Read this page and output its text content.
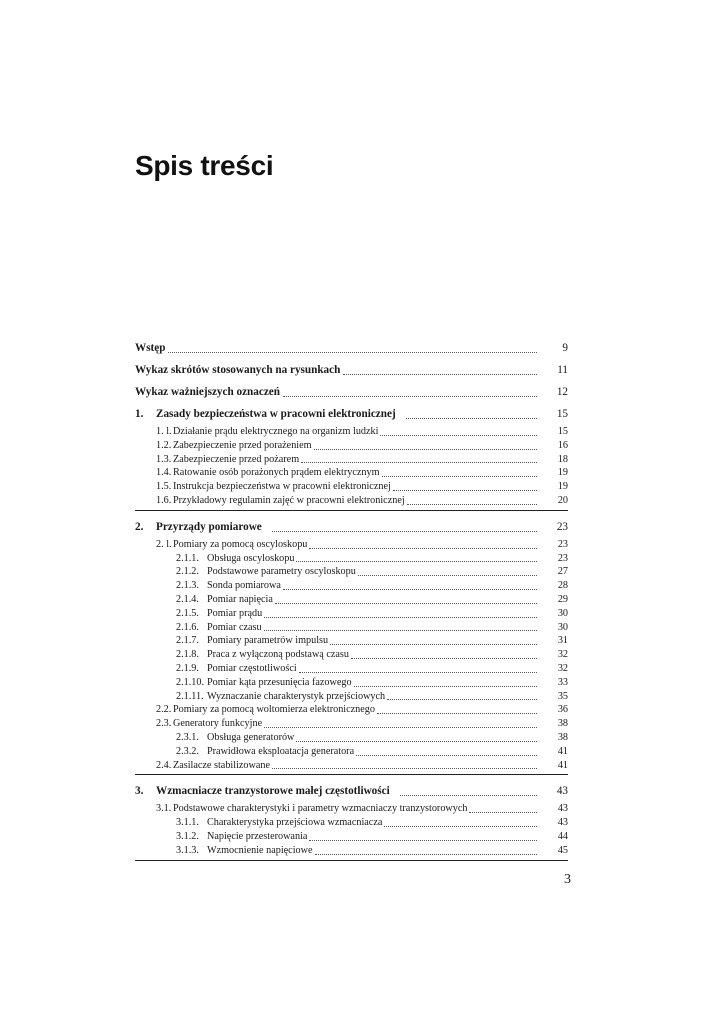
Spis treści
Wstęp	9
Wykaz skrótów stosowanych na rysunkach	11
Wykaz ważniejszych oznaczeń	12
1.	Zasady bezpieczeństwa w pracowni elektronicznej	15
1. l. Działanie prądu elektrycznego na organizm ludzki	15
1.2. Zabezpieczenie przed porażeniem	16
1.3. Zabezpieczenie przed pożarem	18
1.4. Ratowanie osób porażonych prądem elektrycznym	19
1.5. Instrukcja bezpieczeństwa w pracowni elektronicznej	19
1.6. Przykładowy regulamin zajęć w pracowni elektronicznej	20
2.	Przyrządy pomiarowe	23
2. l. Pomiary za pomocą oscyloskopu	23
2.1.1. Obsługa oscyloskopu	23
2.1.2. Podstawowe parametry oscyloskopu	27
2.1.3. Sonda pomiarowa	28
2.1.4. Pomiar napięcia	29
2.1.5. Pomiar prądu	30
2.1.6. Pomiar czasu	30
2.1.7. Pomiary parametrów impulsu	31
2.1.8. Praca z wyłączoną podstawą czasu	32
2.1.9. Pomiar częstotliwości	32
2.1.10. Pomiar kąta przesunięcia fazowego	33
2.1.11. Wyznaczanie charakterystyk przejściowych	35
2.2. Pomiary za pomocą woltomierza elektronicznego	36
2.3. Generatory funkcyjne	38
2.3.1. Obsługa generatorów	38
2.3.2. Prawidłowa eksploatacja generatora	41
2.4. Zasilacze stabilizowane	41
3.	Wzmacniacze tranzystorowe małej częstotliwości	43
3.1. Podstawowe charakterystyki i parametry wzmacniaczy tranzystorowych	43
3.1.1. Charakterystyka przejściowa wzmacniacza	43
3.1.2. Napięcie przesterowania	44
3.1.3. Wzmocnienie napięciowe	45
3
